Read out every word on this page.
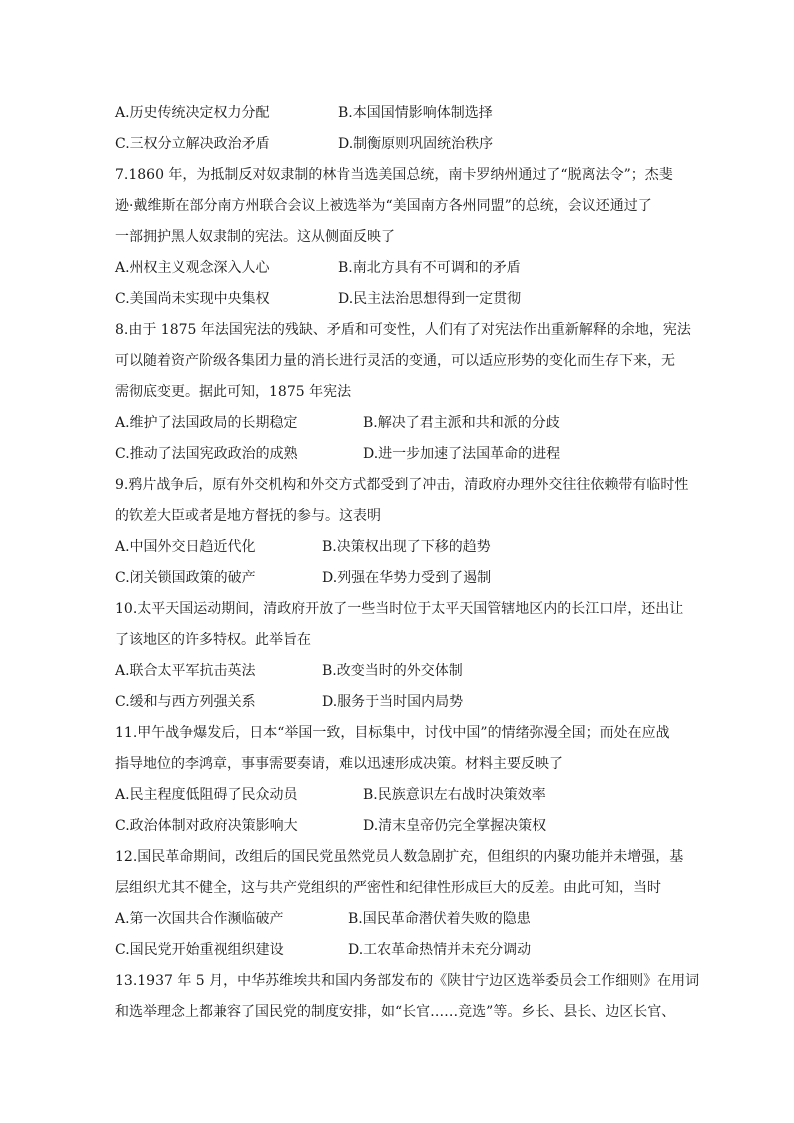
A.历史传统决定权力分配	B.本国国情影响体制选择
C.三权分立解决政治矛盾	D.制衡原则巩固统治秩序
7.1860 年，为抵制反对奴隶制的林肯当选美国总统，南卡罗纳州通过了“脱离法令”；杰斐
逊·戴维斯在部分南方州联合会议上被选举为“美国南方各州同盟”的总统，会议还通过了
一部拥护黑人奴隶制的宪法。这从侧面反映了
A.州权主义观念深入人心	B.南北方具有不可调和的矛盾
C.美国尚未实现中央集权	D.民主法治思想得到一定贯彻
8.由于 1875 年法国宪法的残缺、矛盾和可变性，人们有了对宪法作出重新解释的余地，宪法
可以随着资产阶级各集团力量的消长进行灵活的变通，可以适应形势的变化而生存下来，无
需彻底变更。据此可知，1875 年宪法
A.维护了法国政局的长期稳定	B.解决了君主派和共和派的分歧
C.推动了法国宪政政治的成熟	D.进一步加速了法国革命的进程
9.鸦片战争后，原有外交机构和外交方式都受到了冲击，清政府办理外交往往依赖带有临时性
的钦差大臣或者是地方督抚的参与。这表明
A.中国外交日趋近代化	B.决策权出现了下移的趋势
C.闭关锁国政策的破产	D.列强在华势力受到了遏制
10.太平天国运动期间，清政府开放了一些当时位于太平天国管辖地区内的长江口岸，还出让
了该地区的许多特权。此举旨在
A.联合太平军抗击英法	B.改变当时的外交体制
C.缓和与西方列强关系	D.服务于当时国内局势
11.甲午战争爆发后，日本“举国一致，目标集中，讨伐中国”的情绪弥漫全国；而处在应战
指导地位的李鸿章，事事需要奏请，难以迅速形成决策。材料主要反映了
A.民主程度低阻碍了民众动员	B.民族意识左右战时决策效率
C.政治体制对政府决策影响大	D.清末皇帝仍完全掌握决策权
12.国民革命期间，改组后的国民党虽然党员人数急剧扩充，但组织的内聚功能并未增强，基
层组织尤其不健全，这与共产党组织的严密性和纪律性形成巨大的反差。由此可知，当时
A.第一次国共合作濒临破产	B.国民革命潜伏着失败的隐患
C.国民党开始重视组织建设	D.工农革命热情并未充分调动
13.1937 年 5 月，中华苏维埃共和国内务部发布的《陕甘宁边区选举委员会工作细则》在用词
和选举理念上都兼容了国民党的制度安排，如“长官……竞选”等。乡长、县长、边区长官、
